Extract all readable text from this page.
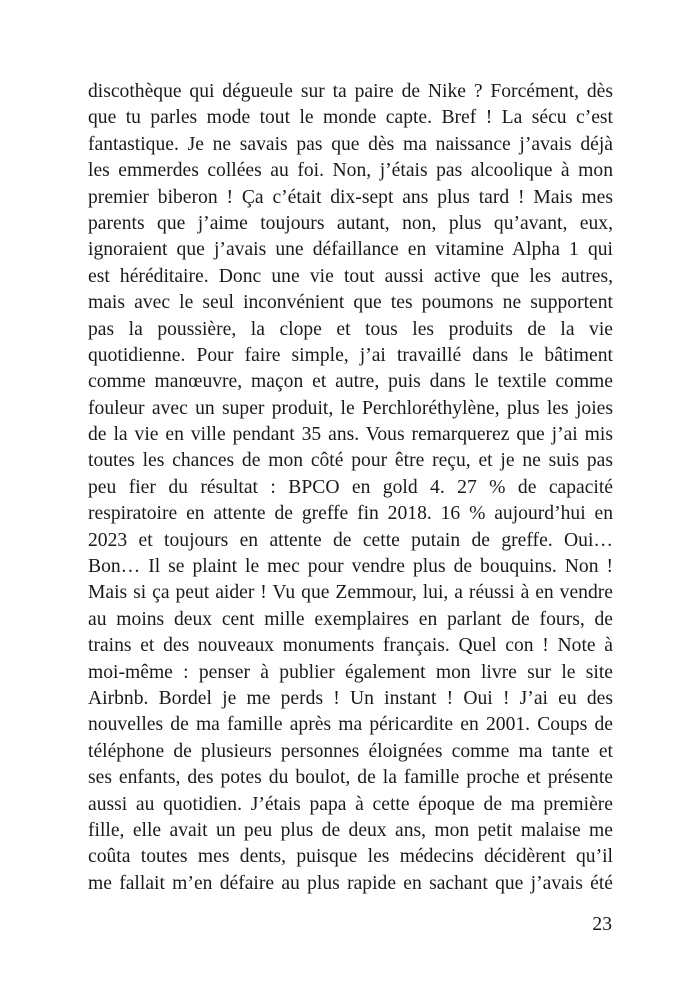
discothèque qui dégueule sur ta paire de Nike ? Forcément, dès
que tu parles mode tout le monde capte. Bref ! La sécu c’est
fantastique. Je ne savais pas que dès ma naissance j’avais déjà
les emmerdes collées au foi. Non, j’étais pas alcoolique à mon
premier biberon ! Ça c’était dix-sept ans plus tard ! Mais mes
parents que j’aime toujours autant, non, plus qu’avant, eux,
ignoraient que j’avais une défaillance en vitamine Alpha 1 qui
est héréditaire. Donc une vie tout aussi active que les autres,
mais avec le seul inconvénient que tes poumons ne supportent
pas la poussière, la clope et tous les produits de la vie
quotidienne. Pour faire simple, j’ai travaillé dans le bâtiment
comme manœuvre, maçon et autre, puis dans le textile comme
fouleur avec un super produit, le Perchloréthylène, plus les joies
de la vie en ville pendant 35 ans. Vous remarquerez que j’ai mis
toutes les chances de mon côté pour être reçu, et je ne suis pas
peu fier du résultat : BPCO en gold 4. 27 % de capacité
respiratoire en attente de greffe fin 2018. 16 % aujourd’hui en
2023 et toujours en attente de cette putain de greffe. Oui…
Bon… Il se plaint le mec pour vendre plus de bouquins. Non !
Mais si ça peut aider ! Vu que Zemmour, lui, a réussi à en vendre
au moins deux cent mille exemplaires en parlant de fours, de
trains et des nouveaux monuments français. Quel con ! Note à
moi-même : penser à publier également mon livre sur le site
Airbnb. Bordel je me perds ! Un instant ! Oui ! J’ai eu des
nouvelles de ma famille après ma péricardite en 2001. Coups de
téléphone de plusieurs personnes éloignées comme ma tante et
ses enfants, des potes du boulot, de la famille proche et présente
aussi au quotidien. J’étais papa à cette époque de ma première
fille, elle avait un peu plus de deux ans, mon petit malaise me
coûta toutes mes dents, puisque les médecins décidèrent qu’il
me fallait m’en défaire au plus rapide en sachant que j’avais été
23
